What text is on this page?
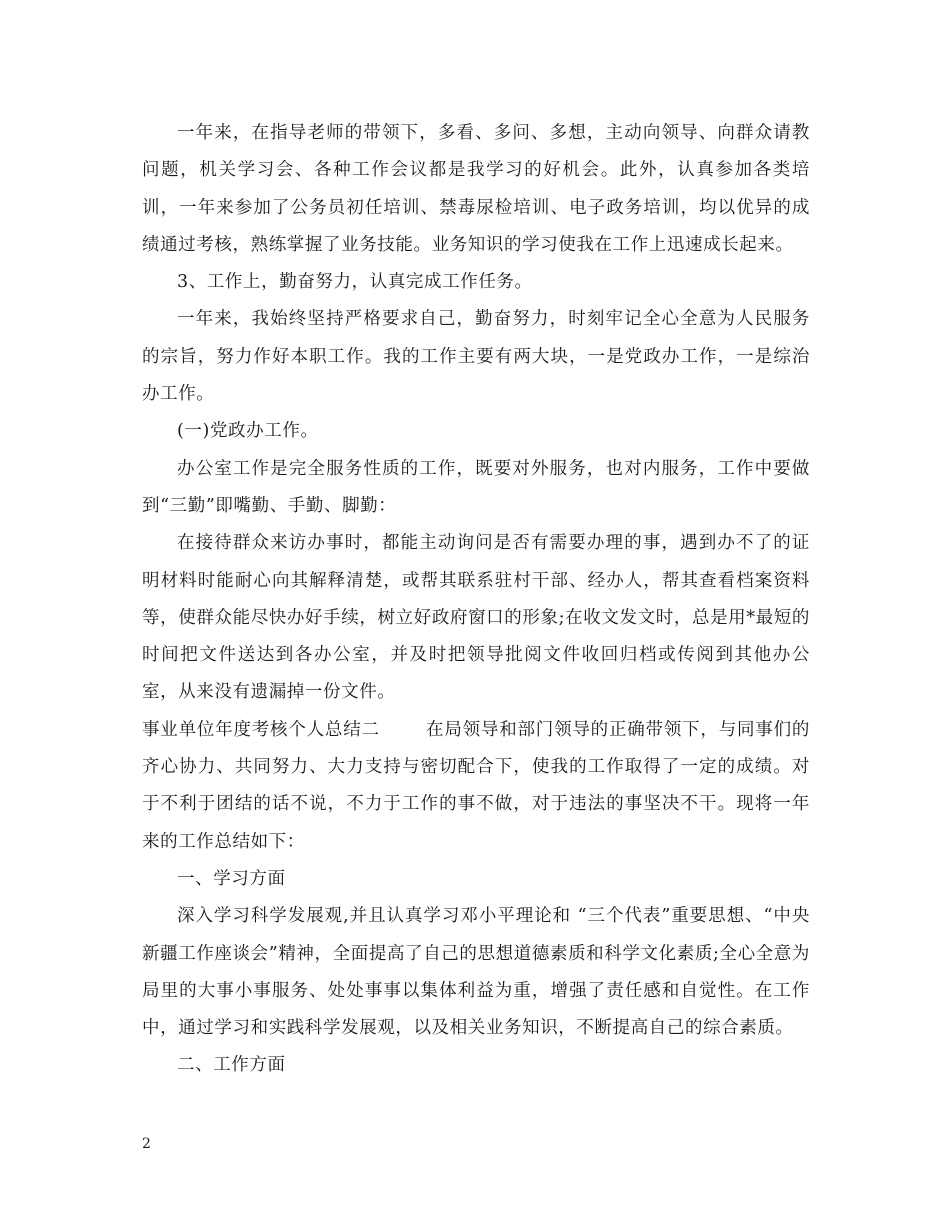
一年来，在指导老师的带领下，多看、多问、多想，主动向领导、向群众请教问题，机关学习会、各种工作会议都是我学习的好机会。此外，认真参加各类培训，一年来参加了公务员初任培训、禁毒尿检培训、电子政务培训，均以优异的成绩通过考核，熟练掌握了业务技能。业务知识的学习使我在工作上迅速成长起来。

3、工作上，勤奋努力，认真完成工作任务。

一年来，我始终坚持严格要求自己，勤奋努力，时刻牢记全心全意为人民服务的宗旨，努力作好本职工作。我的工作主要有两大块，一是党政办工作，一是综治办工作。

(一)党政办工作。

办公室工作是完全服务性质的工作，既要对外服务，也对内服务，工作中要做到“三勤”即嘴勤、手勤、脚勤：

在接待群众来访办事时，都能主动询问是否有需要办理的事，遇到办不了的证明材料时能耐心向其解释清楚，或帮其联系驻村干部、经办人，帮其查看档案资料等，使群众能尽快办好手续，树立好政府窗口的形象;在收文发文时，总是用*最短的时间把文件送达到各办公室，并及时把领导批阅文件收回归档或传阅到其他办公室，从来没有遗漏掉一份文件。

事业单位年度考核个人总结二	在局领导和部门领导的正确带领下，与同事们的齐心协力、共同努力、大力支持与密切配合下，使我的工作取得了一定的成绩。对于不利于团结的话不说，不力于工作的事不做，对于违法的事坚决不干。现将一年来的工作总结如下：

一、学习方面

深入学习科学发展观,并且认真学习邓小平理论和 “三个代表”重要思想、“中央新疆工作座谈会”精神，全面提高了自己的思想道德素质和科学文化素质;全心全意为局里的大事小事服务、处处事事以集体利益为重，增强了责任感和自觉性。在工作中，通过学习和实践科学发展观，以及相关业务知识，不断提高自己的综合素质。

二、工作方面

2
